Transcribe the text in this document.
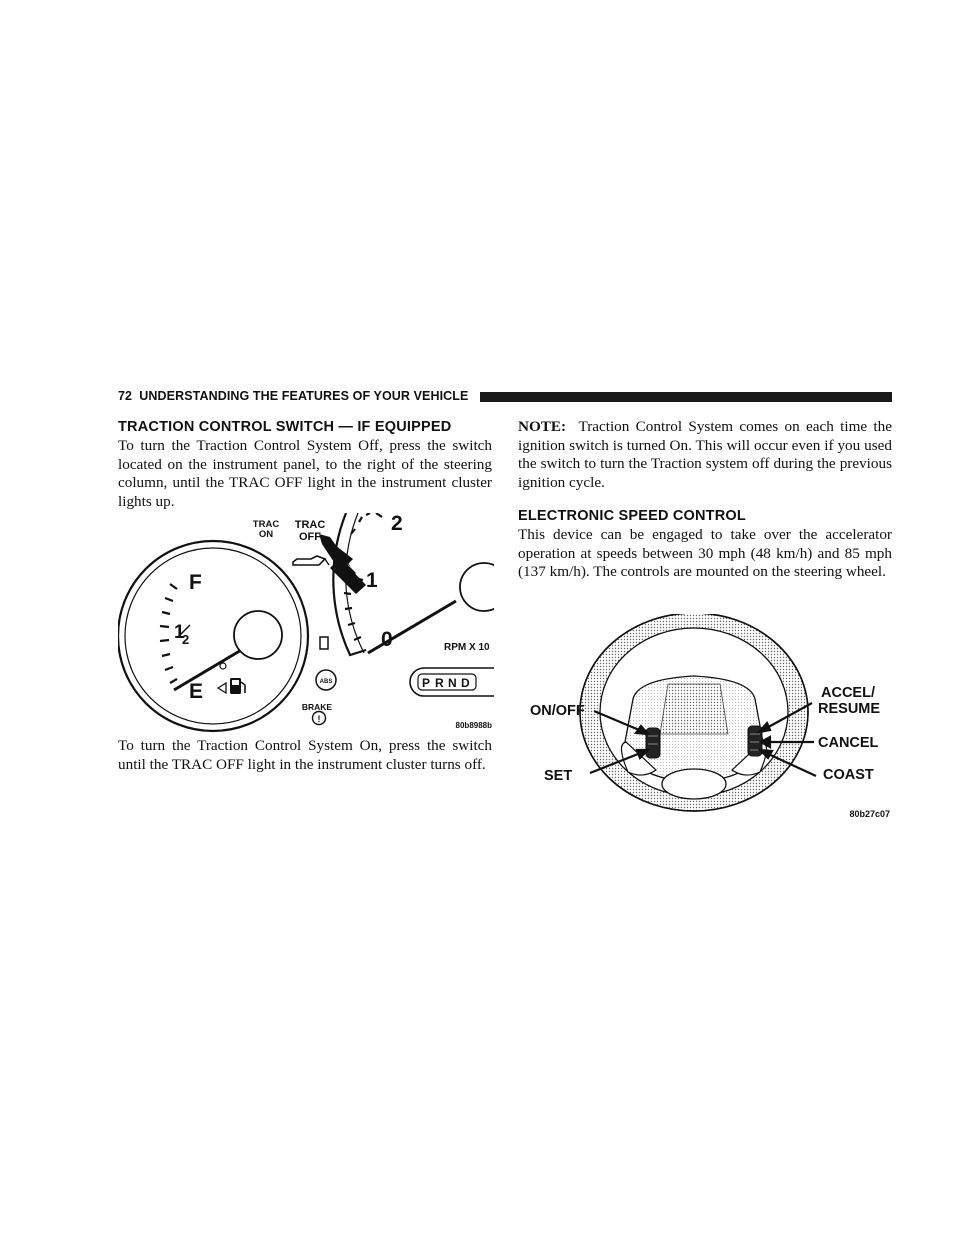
72 UNDERSTANDING THE FEATURES OF YOUR VEHICLE
TRACTION CONTROL SWITCH — IF EQUIPPED

To turn the Traction Control System Off, press the switch located on the instrument panel, to the right of the steering column, until the TRAC OFF light in the instrument cluster lights up.

TRAC
ON
TRAC
OFF
F
1
2
E
2
1
0	RPM X 10
P R N D
ABS
BRAKE
!
80b8988b

To turn the Traction Control System On, press the switch until the TRAC OFF light in the instrument cluster turns off.

NOTE: Traction Control System comes on each time the ignition switch is turned On. This will occur even if you used the switch to turn the Traction system off during the previous ignition cycle.

ELECTRONIC SPEED CONTROL

This device can be engaged to take over the accelerator operation at speeds between 30 mph (48 km/h) and 85 mph (137 km/h). The controls are mounted on the steering wheel.

ON/OFF
SET
ACCEL/
RESUME
CANCEL
COAST
80b27c07
